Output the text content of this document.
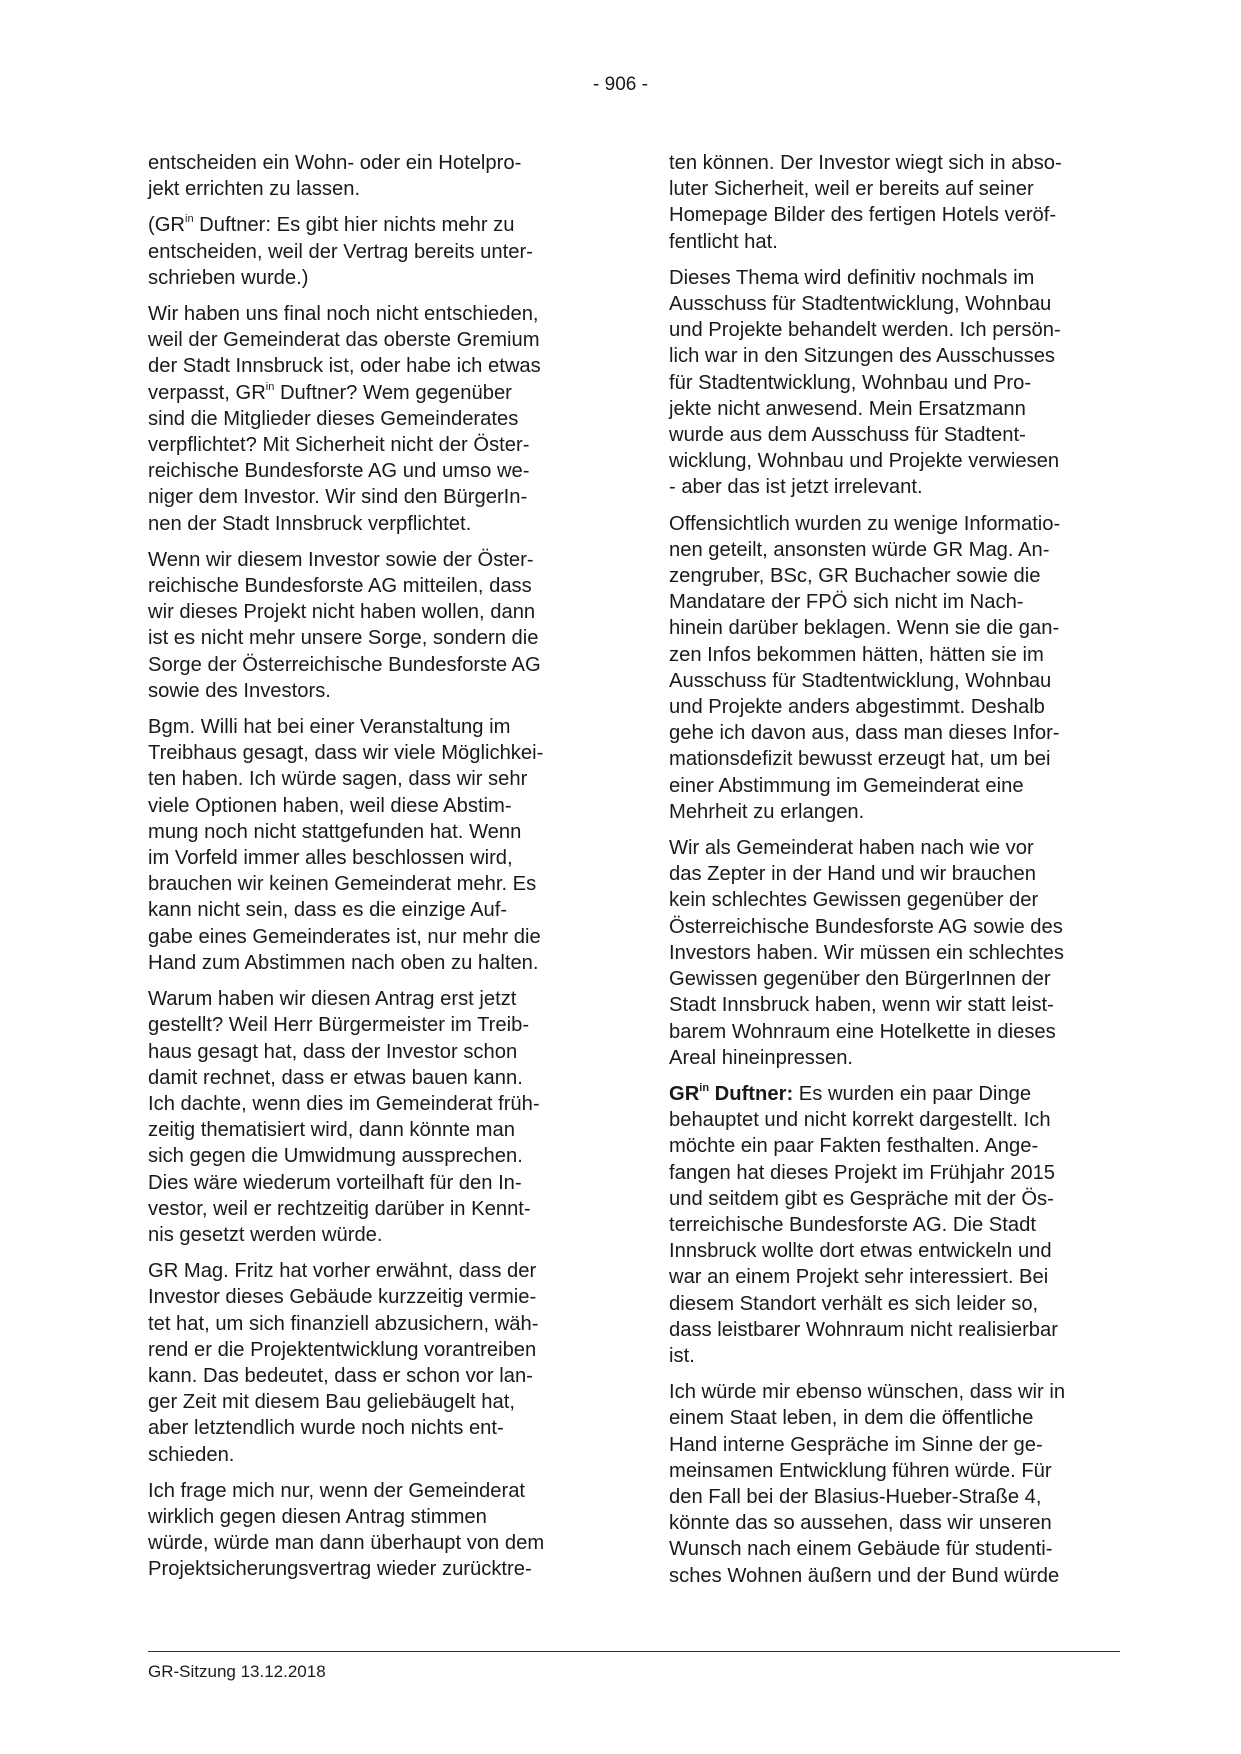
- 906 -

entscheiden ein Wohn- oder ein Hotelpro-
jekt errichten zu lassen.

($GR^{in}$ Duftner: Es gibt hier nichts mehr zu
entscheiden, weil der Vertrag bereits unter-
schrieben wurde.)

Wir haben uns final noch nicht entschieden,
weil der Gemeinderat das oberste Gremium
der Stadt Innsbruck ist, oder habe ich etwas
verpasst, $GR^{in}$ Duftner? Wem gegenüber
sind die Mitglieder dieses Gemeinderates
verpflichtet? Mit Sicherheit nicht der Öster-
reichische Bundesforste AG und umso we-
niger dem Investor. Wir sind den BürgerIn-
nen der Stadt Innsbruck verpflichtet.

Wenn wir diesem Investor sowie der Öster-
reichische Bundesforste AG mitteilen, dass
wir dieses Projekt nicht haben wollen, dann
ist es nicht mehr unsere Sorge, sondern die
Sorge der Österreichische Bundesforste AG
sowie des Investors.

Bgm. Willi hat bei einer Veranstaltung im
Treibhaus gesagt, dass wir viele Möglichkei-
ten haben. Ich würde sagen, dass wir sehr
viele Optionen haben, weil diese Abstim-
mung noch nicht stattgefunden hat. Wenn
im Vorfeld immer alles beschlossen wird,
brauchen wir keinen Gemeinderat mehr. Es
kann nicht sein, dass es die einzige Auf-
gabe eines Gemeinderates ist, nur mehr die
Hand zum Abstimmen nach oben zu halten.

Warum haben wir diesen Antrag erst jetzt
gestellt? Weil Herr Bürgermeister im Treib-
haus gesagt hat, dass der Investor schon
damit rechnet, dass er etwas bauen kann.
Ich dachte, wenn dies im Gemeinderat früh-
zeitig thematisiert wird, dann könnte man
sich gegen die Umwidmung aussprechen.
Dies wäre wiederum vorteilhaft für den In-
vestor, weil er rechtzeitig darüber in Kennt-
nis gesetzt werden würde.

GR Mag. Fritz hat vorher erwähnt, dass der
Investor dieses Gebäude kurzzeitig vermie-
tet hat, um sich finanziell abzusichern, wäh-
rend er die Projektentwicklung vorantreiben
kann. Das bedeutet, dass er schon vor lan-
ger Zeit mit diesem Bau geliebäugelt hat,
aber letztendlich wurde noch nichts ent-
schieden.

Ich frage mich nur, wenn der Gemeinderat
wirklich gegen diesen Antrag stimmen
würde, würde man dann überhaupt von dem
Projektsicherungsvertrag wieder zurücktre-

ten können. Der Investor wiegt sich in abso-
luter Sicherheit, weil er bereits auf seiner
Homepage Bilder des fertigen Hotels veröf-
fentlicht hat.

Dieses Thema wird definitiv nochmals im
Ausschuss für Stadtentwicklung, Wohnbau
und Projekte behandelt werden. Ich persön-
lich war in den Sitzungen des Ausschusses
für Stadtentwicklung, Wohnbau und Pro-
jekte nicht anwesend. Mein Ersatzmann
wurde aus dem Ausschuss für Stadtent-
wicklung, Wohnbau und Projekte verwiesen
- aber das ist jetzt irrelevant.

Offensichtlich wurden zu wenige Informatio-
nen geteilt, ansonsten würde GR Mag. An-
zengruber, BSc, GR Buchacher sowie die
Mandatare der FPÖ sich nicht im Nach-
hinein darüber beklagen. Wenn sie die gan-
zen Infos bekommen hätten, hätten sie im
Ausschuss für Stadtentwicklung, Wohnbau
und Projekte anders abgestimmt. Deshalb
gehe ich davon aus, dass man dieses Infor-
mationsdefizit bewusst erzeugt hat, um bei
einer Abstimmung im Gemeinderat eine
Mehrheit zu erlangen.

Wir als Gemeinderat haben nach wie vor
das Zepter in der Hand und wir brauchen
kein schlechtes Gewissen gegenüber der
Österreichische Bundesforste AG sowie des
Investors haben. Wir müssen ein schlechtes
Gewissen gegenüber den BürgerInnen der
Stadt Innsbruck haben, wenn wir statt leist-
barem Wohnraum eine Hotelkette in dieses
Areal hineinpressen.

$GR^{in}$ Duftner: Es wurden ein paar Dinge
behauptet und nicht korrekt dargestellt. Ich
möchte ein paar Fakten festhalten. Ange-
fangen hat dieses Projekt im Frühjahr 2015
und seitdem gibt es Gespräche mit der Ös-
terreichische Bundesforste AG. Die Stadt
Innsbruck wollte dort etwas entwickeln und
war an einem Projekt sehr interessiert. Bei
diesem Standort verhält es sich leider so,
dass leistbarer Wohnraum nicht realisierbar
ist.

Ich würde mir ebenso wünschen, dass wir in
einem Staat leben, in dem die öffentliche
Hand interne Gespräche im Sinne der ge-
meinsamen Entwicklung führen würde. Für
den Fall bei der Blasius-Hueber-Straße 4,
könnte das so aussehen, dass wir unseren
Wunsch nach einem Gebäude für studenti-
sches Wohnen äußern und der Bund würde

GR-Sitzung 13.12.2018
